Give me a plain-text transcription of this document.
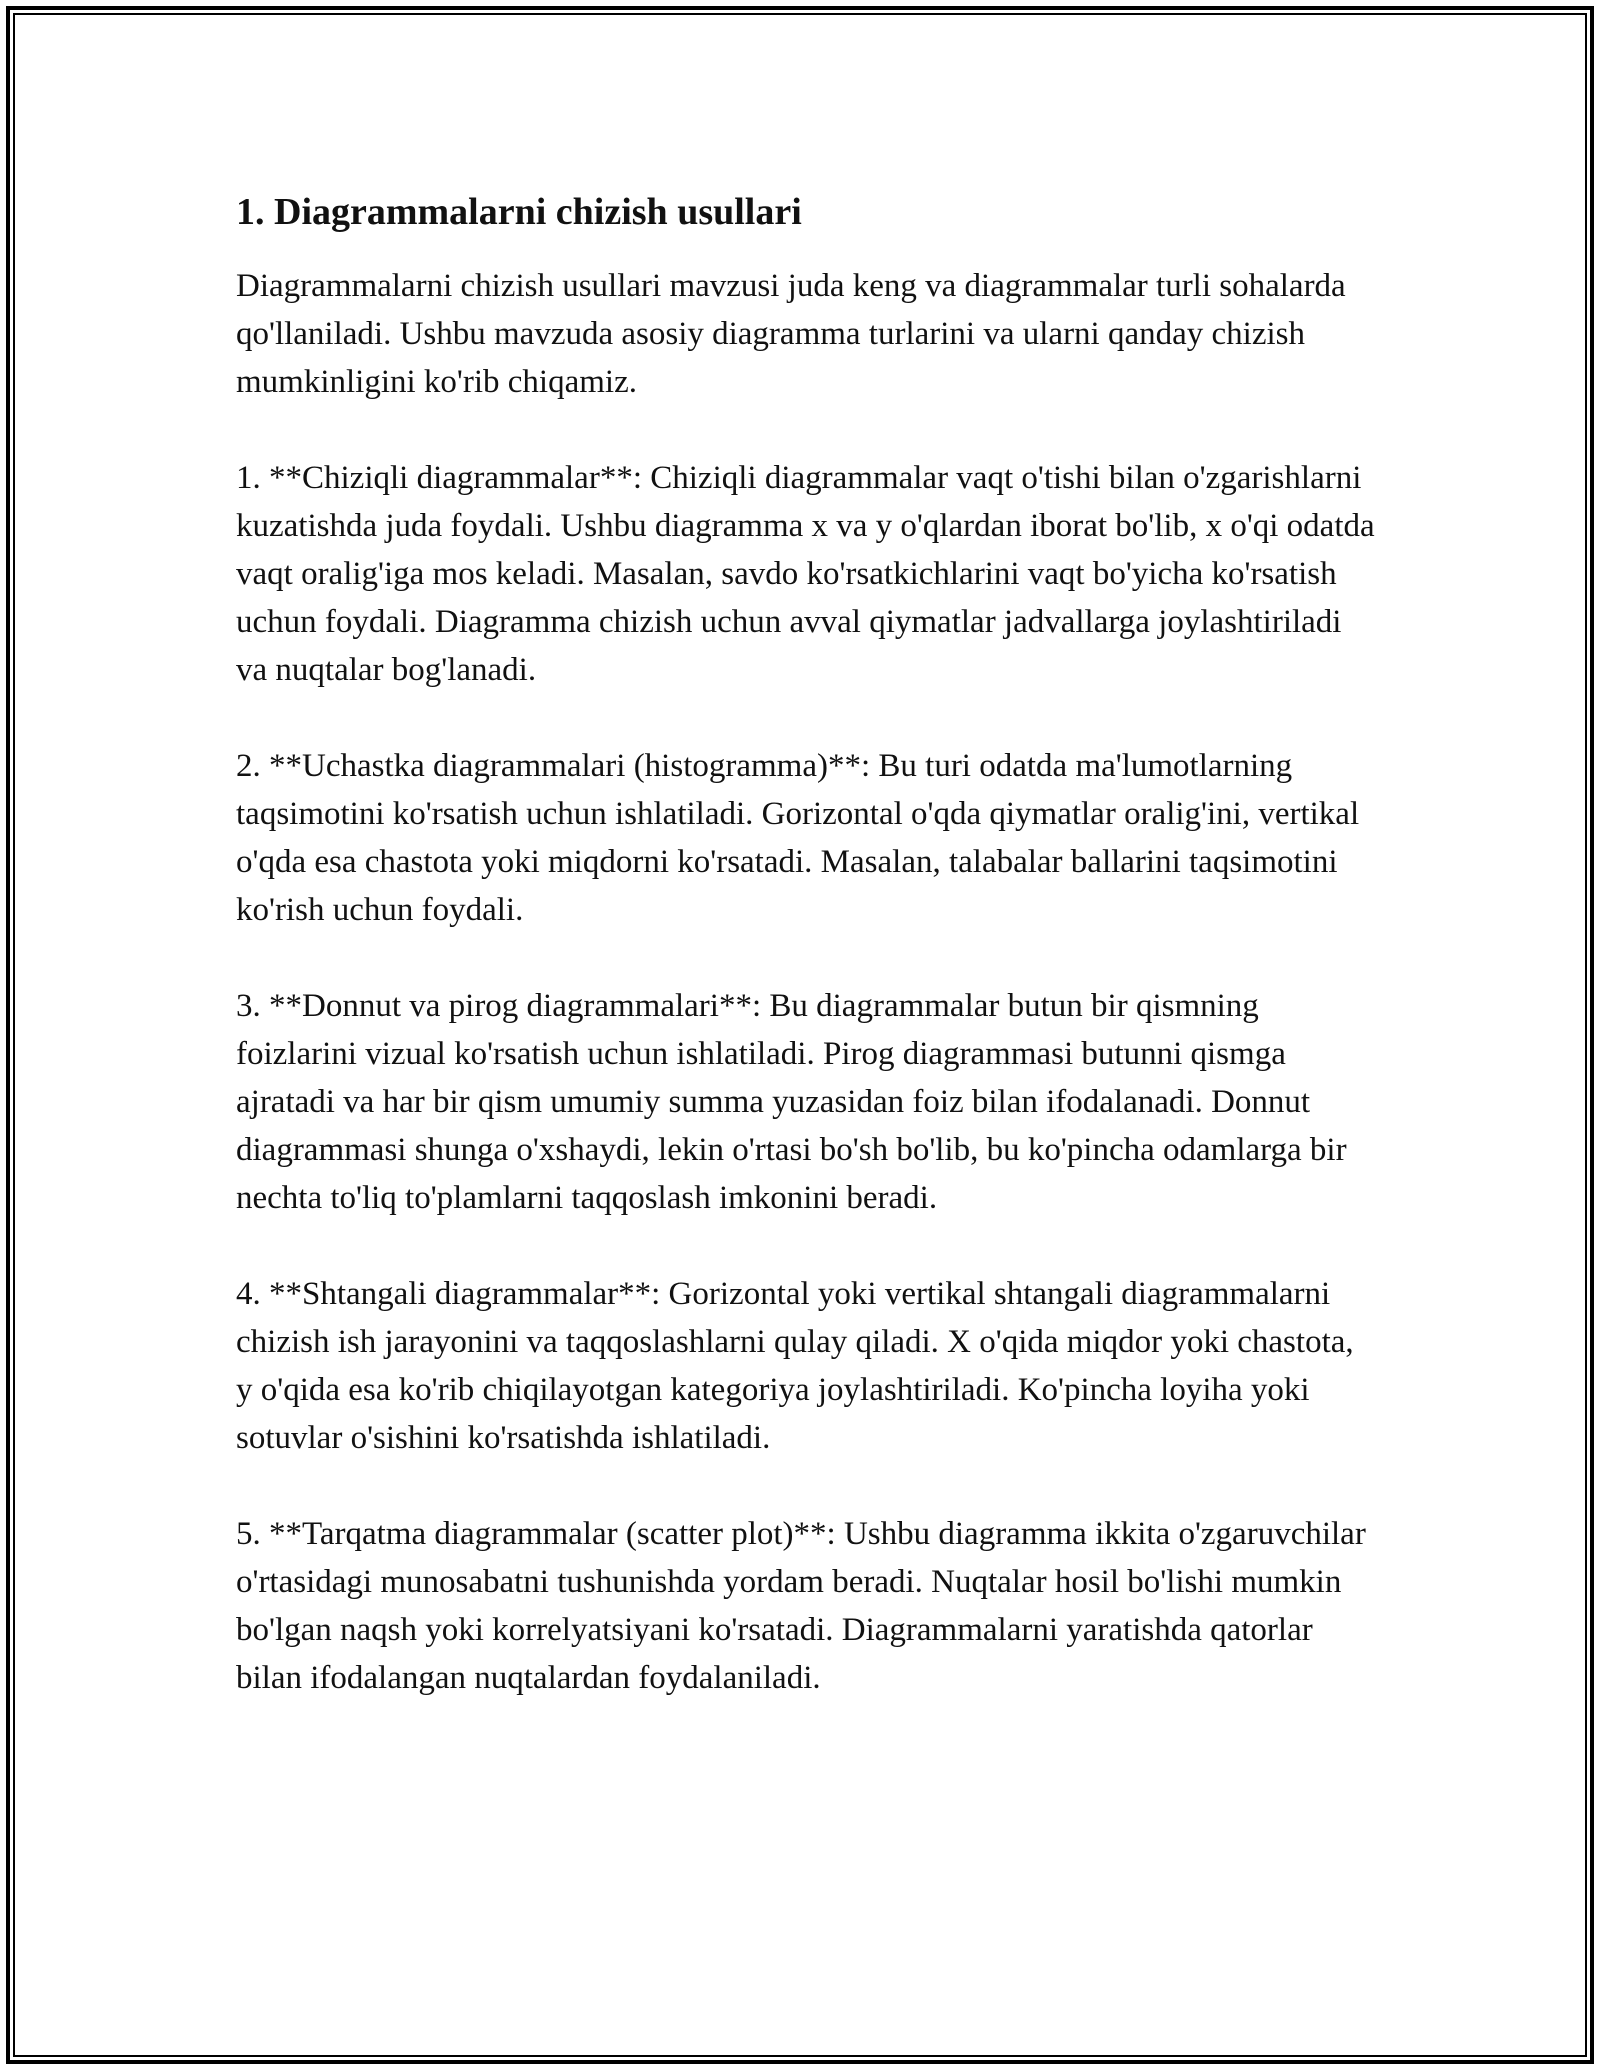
1. Diagrammalarni chizish usullari

Diagrammalarni chizish usullari mavzusi juda keng va diagrammalar turli sohalarda qo'llaniladi. Ushbu mavzuda asosiy diagramma turlarini va ularni qanday chizish mumkinligini ko'rib chiqamiz.

1. **Chiziqli diagrammalar**: Chiziqli diagrammalar vaqt o'tishi bilan o'zgarishlarni kuzatishda juda foydali. Ushbu diagramma x va y o'qlardan iborat bo'lib, x o'qi odatda vaqt oralig'iga mos keladi. Masalan, savdo ko'rsatkichlarini vaqt bo'yicha ko'rsatish uchun foydali. Diagramma chizish uchun avval qiymatlar jadvallarga joylashtiriladi va nuqtalar bog'lanadi.

2. **Uchastka diagrammalari (histogramma)**: Bu turi odatda ma'lumotlarning taqsimotini ko'rsatish uchun ishlatiladi. Gorizontal o'qda qiymatlar oralig'ini, vertikal o'qda esa chastota yoki miqdorni ko'rsatadi. Masalan, talabalar ballarini taqsimotini ko'rish uchun foydali.

3. **Donnut va pirog diagrammalari**: Bu diagrammalar butun bir qismning foizlarini vizual ko'rsatish uchun ishlatiladi. Pirog diagrammasi butunni qismga ajratadi va har bir qism umumiy summa yuzasidan foiz bilan ifodalanadi. Donnut diagrammasi shunga o'xshaydi, lekin o'rtasi bo'sh bo'lib, bu ko'pincha odamlarga bir nechta to'liq to'plamlarni taqqoslash imkonini beradi.

4. **Shtangali diagrammalar**: Gorizontal yoki vertikal shtangali diagrammalarni chizish ish jarayonini va taqqoslashlarni qulay qiladi. X o'qida miqdor yoki chastota, y o'qida esa ko'rib chiqilayotgan kategoriya joylashtiriladi. Ko'pincha loyiha yoki sotuvlar o'sishini ko'rsatishda ishlatiladi.

5. **Tarqatma diagrammalar (scatter plot)**: Ushbu diagramma ikkita o'zgaruvchilar o'rtasidagi munosabatni tushunishda yordam beradi. Nuqtalar hosil bo'lishi mumkin bo'lgan naqsh yoki korrelyatsiyani ko'rsatadi. Diagrammalarni yaratishda qatorlar bilan ifodalangan nuqtalardan foydalaniladi.
